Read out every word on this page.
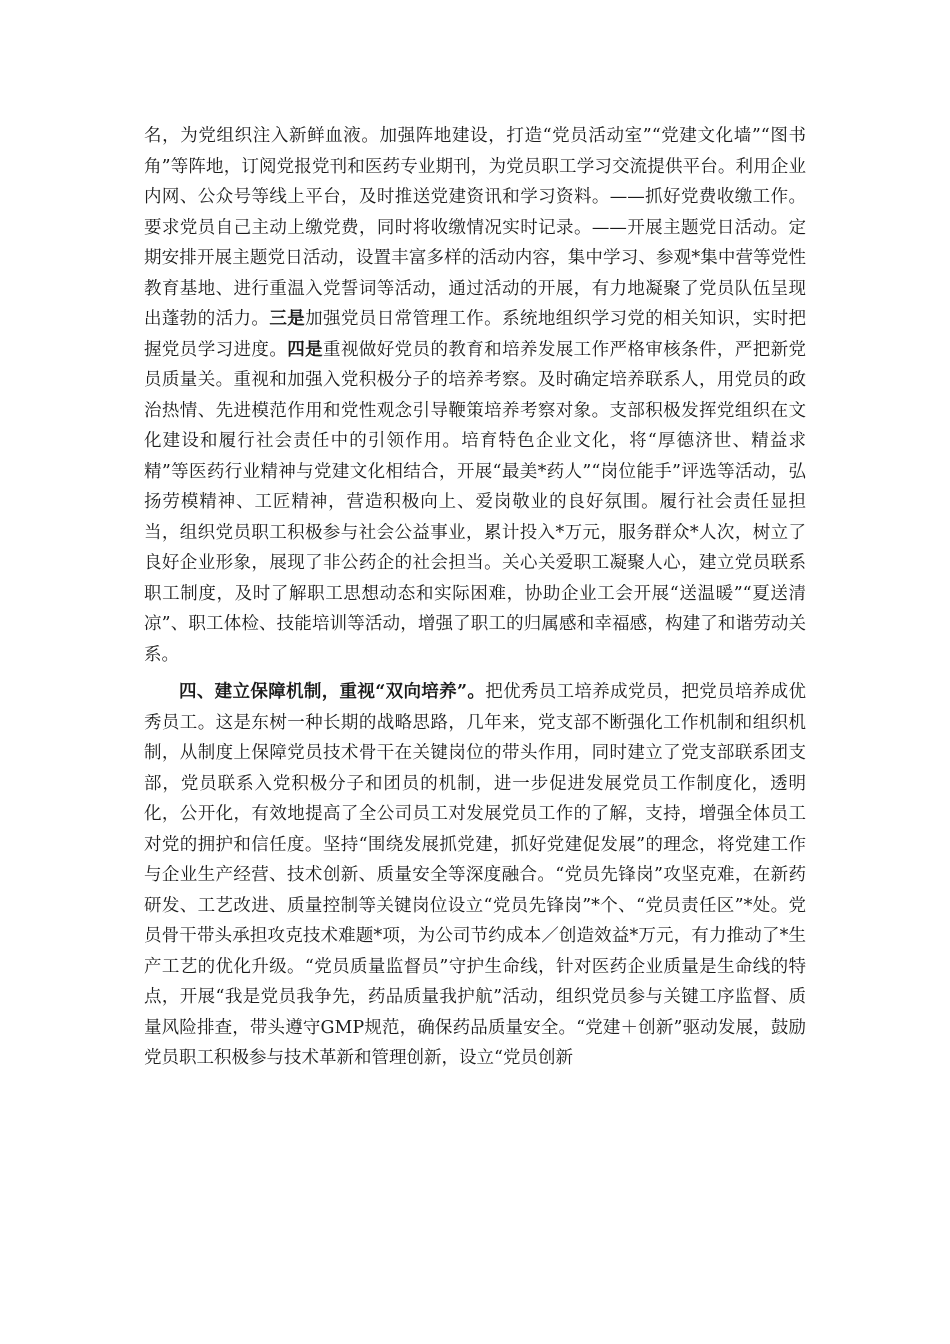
名，为党组织注入新鲜血液。加强阵地建设，打造“党员活动室”“党建文化墙”“图书角”等阵地，订阅党报党刊和医药专业期刊，为党员职工学习交流提供平台。利用企业内网、公众号等线上平台，及时推送党建资讯和学习资料。——抓好党费收缴工作。要求党员自己主动上缴党费，同时将收缴情况实时记录。——开展主题党日活动。定期安排开展主题党日活动，设置丰富多样的活动内容，集中学习、参观*集中营等党性教育基地、进行重温入党誓词等活动，通过活动的开展，有力地凝聚了党员队伍呈现出蓬勃的活力。三是加强党员日常管理工作。系统地组织学习党的相关知识，实时把握党员学习进度。四是重视做好党员的教育和培养发展工作严格审核条件，严把新党员质量关。重视和加强入党积极分子的培养考察。及时确定培养联系人，用党员的政治热情、先进模范作用和党性观念引导鞭策培养考察对象。支部积极发挥党组织在文化建设和履行社会责任中的引领作用。培育特色企业文化，将“厚德济世、精益求精”等医药行业精神与党建文化相结合，开展“最美*药人”“岗位能手”评选等活动，弘扬劳模精神、工匠精神，营造积极向上、爱岗敬业的良好氛围。履行社会责任显担当，组织党员职工积极参与社会公益事业，累计投入*万元，服务群众*人次，树立了良好企业形象，展现了非公药企的社会担当。关心关爱职工凝聚人心，建立党员联系职工制度，及时了解职工思想动态和实际困难，协助企业工会开展“送温暖”“夏送清凉”、职工体检、技能培训等活动，增强了职工的归属感和幸福感，构建了和谐劳动关系。

四、建立保障机制，重视“双向培养”。把优秀员工培养成党员，把党员培养成优秀员工。这是东树一种长期的战略思路，几年来，党支部不断强化工作机制和组织机制，从制度上保障党员技术骨干在关键岗位的带头作用，同时建立了党支部联系团支部，党员联系入党积极分子和团员的机制，进一步促进发展党员工作制度化，透明化，公开化，有效地提高了全公司员工对发展党员工作的了解，支持，增强全体员工对党的拥护和信任度。坚持“围绕发展抓党建，抓好党建促发展”的理念，将党建工作与企业生产经营、技术创新、质量安全等深度融合。“党员先锋岗”攻坚克难，在新药研发、工艺改进、质量控制等关键岗位设立“党员先锋岗”*个、“党员责任区”*处。党员骨干带头承担攻克技术难题*项，为公司节约成本／创造效益*万元，有力推动了*生产工艺的优化升级。“党员质量监督员”守护生命线，针对医药企业质量是生命线的特点，开展“我是党员我争先，药品质量我护航”活动，组织党员参与关键工序监督、质量风险排查，带头遵守GMP规范，确保药品质量安全。“党建＋创新”驱动发展，鼓励党员职工积极参与技术革新和管理创新，设立“党员创新
